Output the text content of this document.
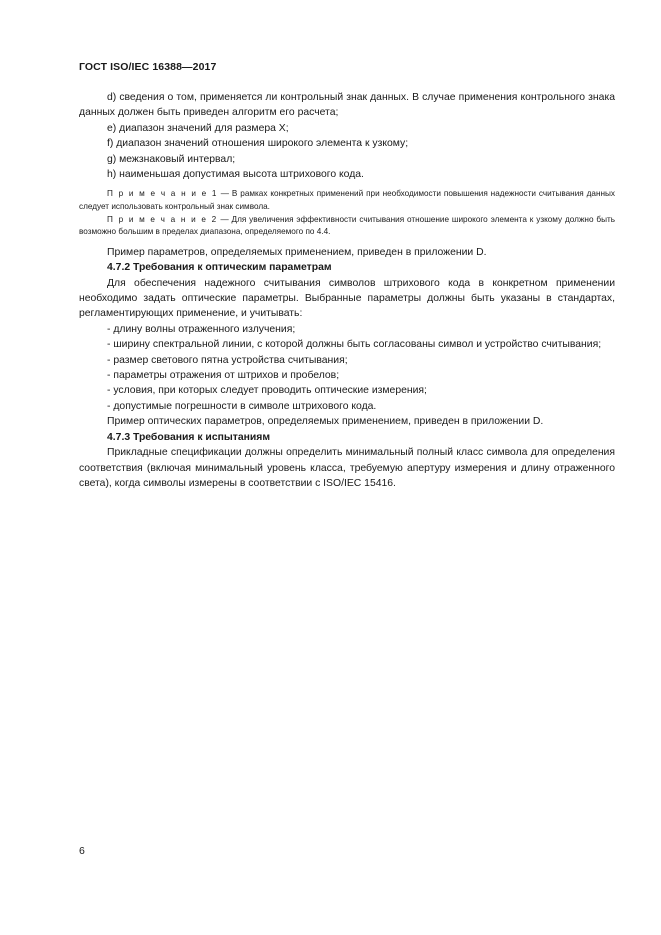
ГОСТ ISO/IEC 16388—2017

d) сведения о том, применяется ли контрольный знак данных. В случае применения контрольного знака данных должен быть приведен алгоритм его расчета;

e) диапазон значений для размера X;

f) диапазон значений отношения широкого элемента к узкому;

g) межзнаковый интервал;

h) наименьшая допустимая высота штрихового кода.

П р и м е ч а н и е 1 — В рамках конкретных применений при необходимости повышения надежности считывания данных следует использовать контрольный знак символа.

П р и м е ч а н и е 2 — Для увеличения эффективности считывания отношение широкого элемента к узкому должно быть возможно большим в пределах диапазона, определяемого по 4.4.

Пример параметров, определяемых применением, приведен в приложении D.

4.7.2 Требования к оптическим параметрам

Для обеспечения надежного считывания символов штрихового кода в конкретном применении необходимо задать оптические параметры. Выбранные параметры должны быть указаны в стандартах, регламентирующих применение, и учитывать:

- длину волны отраженного излучения;

- ширину спектральной линии, с которой должны быть согласованы символ и устройство считывания;

- размер светового пятна устройства считывания;

- параметры отражения от штрихов и пробелов;

- условия, при которых следует проводить оптические измерения;

- допустимые погрешности в символе штрихового кода.

Пример оптических параметров, определяемых применением, приведен в приложении D.

4.7.3 Требования к испытаниям

Прикладные спецификации должны определить минимальный полный класс символа для определения соответствия (включая минимальный уровень класса, требуемую апертуру измерения и длину отраженного света), когда символы измерены в соответствии с ISO/IEC 15416.

6
